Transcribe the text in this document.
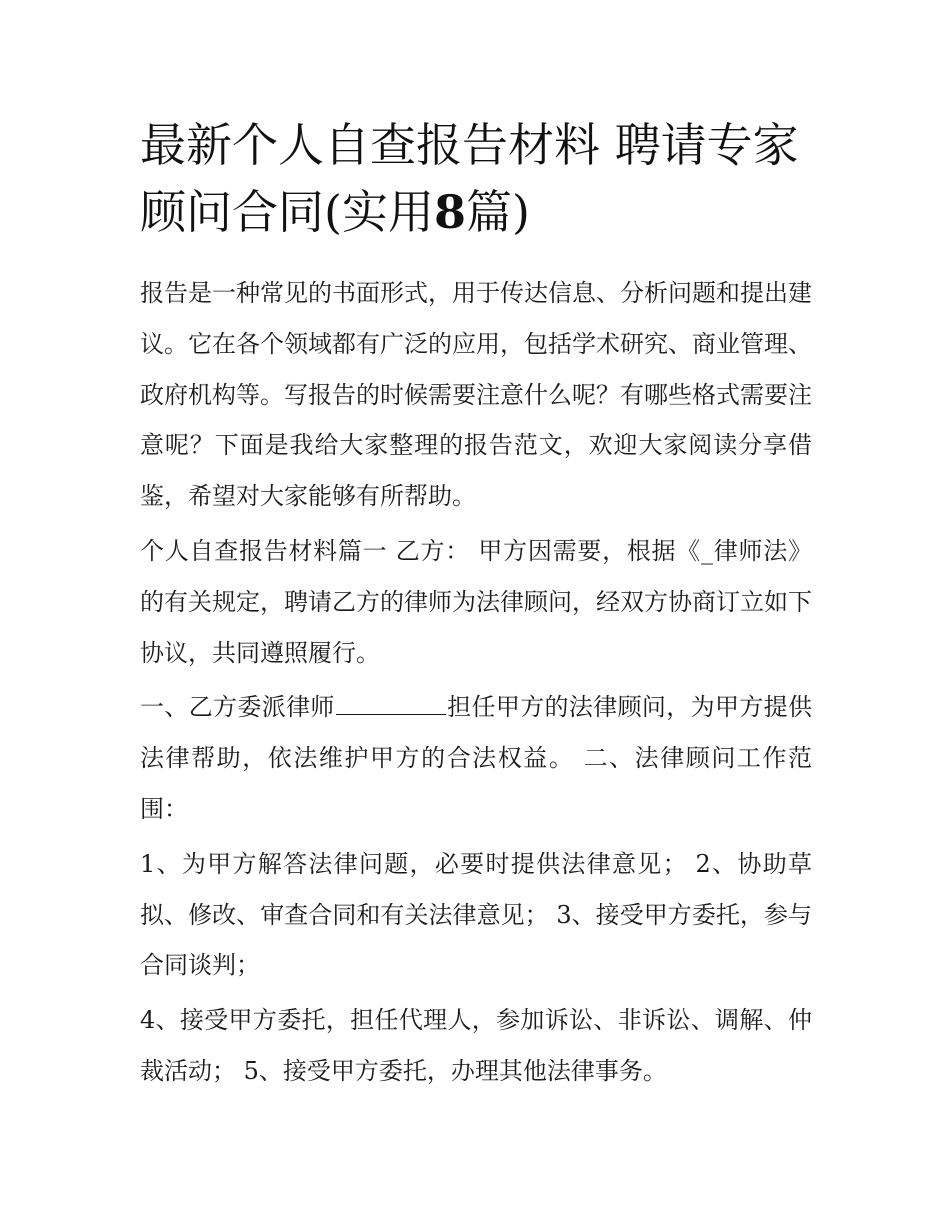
最新个人自查报告材料 聘请专家顾问合同(实用8篇)

报告是一种常见的书面形式，用于传达信息、分析问题和提出建议。它在各个领域都有广泛的应用，包括学术研究、商业管理、政府机构等。写报告的时候需要注意什么呢？有哪些格式需要注意呢？下面是我给大家整理的报告范文，欢迎大家阅读分享借鉴，希望对大家能够有所帮助。

个人自查报告材料篇一 乙方： 甲方因需要，根据《_律师法》的有关规定，聘请乙方的律师为法律顾问，经双方协商订立如下协议，共同遵照履行。

一、乙方委派律师	担任甲方的法律顾问，为甲方提供法律帮助，依法维护甲方的合法权益。 二、法律顾问工作范围：

1、为甲方解答法律问题，必要时提供法律意见； 2、协助草拟、修改、审查合同和有关法律意见； 3、接受甲方委托，参与合同谈判；

4、接受甲方委托，担任代理人，参加诉讼、非诉讼、调解、仲裁活动； 5、接受甲方委托，办理其他法律事务。
